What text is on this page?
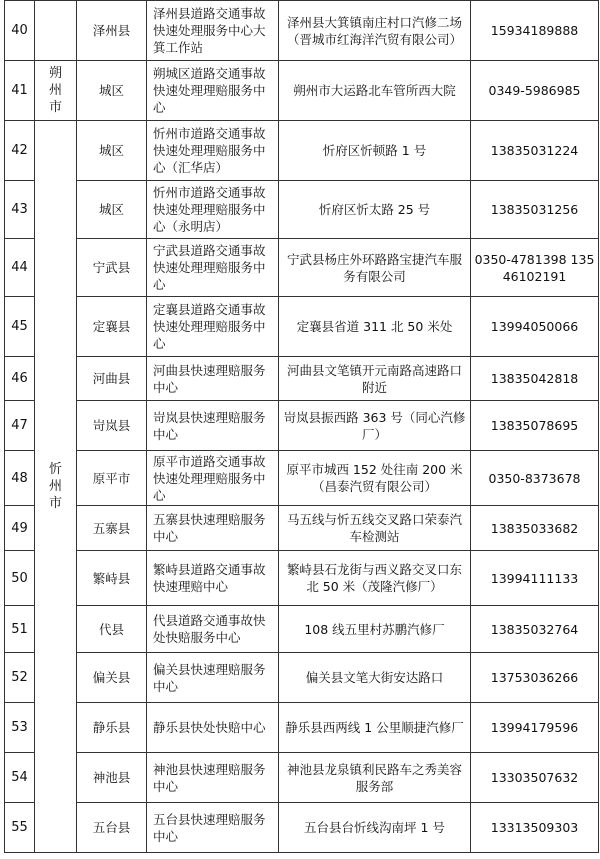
40		泽州县	泽州县道路交通事故快速处理服务中心大箕工作站	泽州县大箕镇南庄村口汽修二场（晋城市红海洋汽贸有限公司）	15934189888
41	朔州市	城区	朔城区道路交通事故快速处理理赔服务中心	朔州市大运路北车管所西大院	0349-5986985
42	忻州市	城区	忻州市道路交通事故快速处理理赔服务中心（汇华店）	忻府区忻顿路 1 号	13835031224
43		城区	忻州市道路交通事故快速处理理赔服务中心（永明店）	忻府区忻太路 25 号	13835031256
44		宁武县	宁武县道路交通事故快速处理理赔服务中心	宁武县杨庄外环路路宝捷汽车服务有限公司	0350-4781398 13546102191
45		定襄县	定襄县道路交通事故快速处理理赔服务中心	定襄县省道 311 北 50 米处	13994050066
46		河曲县	河曲县快速理赔服务中心	河曲县文笔镇开元南路高速路口附近	13835042818
47		岢岚县	岢岚县快速理赔服务中心	岢岚县振西路 363 号（同心汽修厂）	13835078695
48		原平市	原平市道路交通事故快速处理理赔服务中心	原平市城西 152 处往南 200 米（昌泰汽贸有限公司）	0350-8373678
49		五寨县	五寨县快速理赔服务中心	马五线与忻五线交叉路口荣泰汽车检测站	13835033682
50		繁峙县	繁峙县道路交通事故快速理赔中心	繁峙县石龙街与西义路交叉口东北 50 米（茂隆汽修厂）	13994111133
51		代县	代县道路交通事故快处快赔服务中心	108 线五里村苏鹏汽修厂	13835032764
52		偏关县	偏关县快速理赔服务中心	偏关县文笔大街安达路口	13753036266
53		静乐县	静乐县快处快赔中心	静乐县西两线 1 公里顺捷汽修厂	13994179596
54		神池县	神池县快速理赔服务中心	神池县龙泉镇利民路车之秀美容服务部	13303507632
55		五台县	五台县快速理赔服务中心	五台县台忻线沟南坪 1 号	13313509303
